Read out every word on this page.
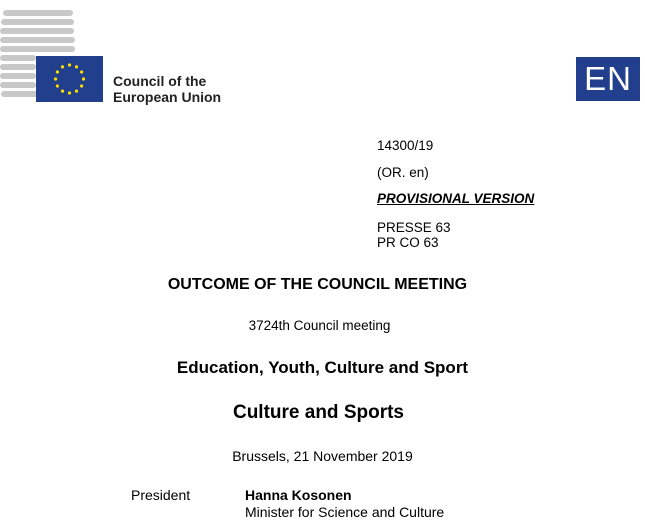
Council of the
European Union	EN
14300/19
(OR. en)
PROVISIONAL VERSION
PRESSE 63
PR CO 63
OUTCOME OF THE COUNCIL MEETING
3724th Council meeting
Education, Youth, Culture and Sport
Culture and Sports
Brussels, 21 November 2019
President	Hanna Kosonen
Minister for Science and Culture
